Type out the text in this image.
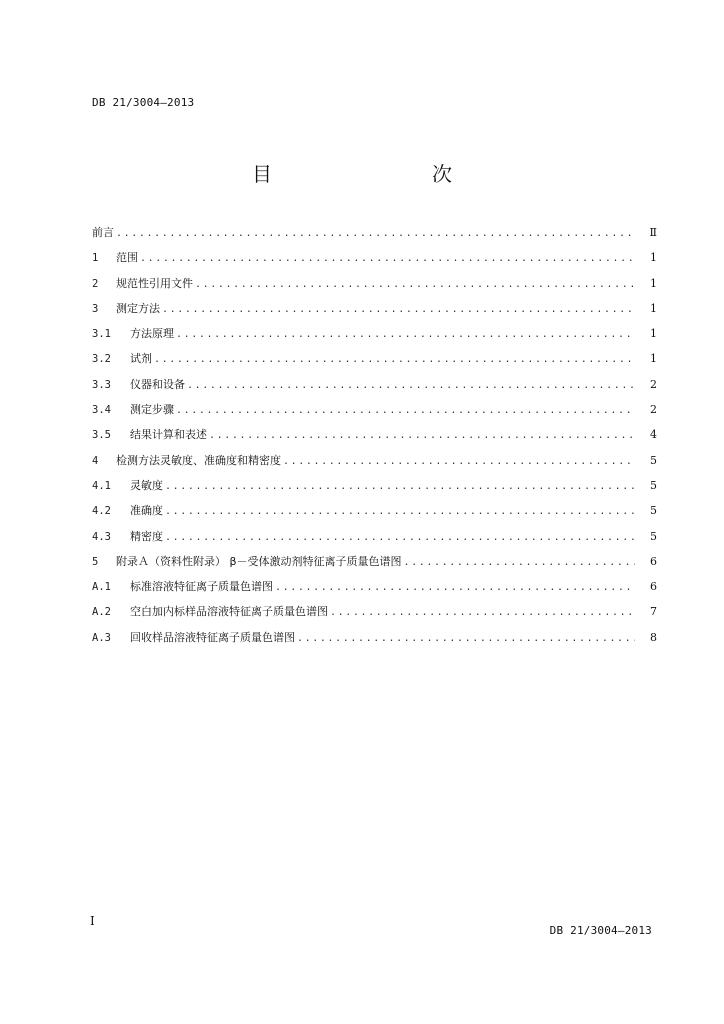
DB 21/3004—2013
目　　次
前言 .....	Ⅱ
1	范围 .....	1
2	规范性引用文件 .....	1
3	测定方法 .....	1
3.1	方法原理 .....	1
3.2	试剂 .....	1
3.3	仪器和设备 .....	2
3.4	测定步骤 .....	2
3.5	结果计算和表述 .....	4
4	检测方法灵敏度、准确度和精密度 .....	5
4.1	灵敏度 .....	5
4.2	准确度 .....	5
4.3	精密度 .....	5
5	附录Ａ（资料性附录） β－受体激动剂特征离子质量色谱图 .....	6
A.1	标准溶液特征离子质量色谱图 .....	6
A.2	空白加内标样品溶液特征离子质量色谱图 .....	7
A.3	回收样品溶液特征离子质量色谱图 .....	8
I
DB 21/3004—2013
